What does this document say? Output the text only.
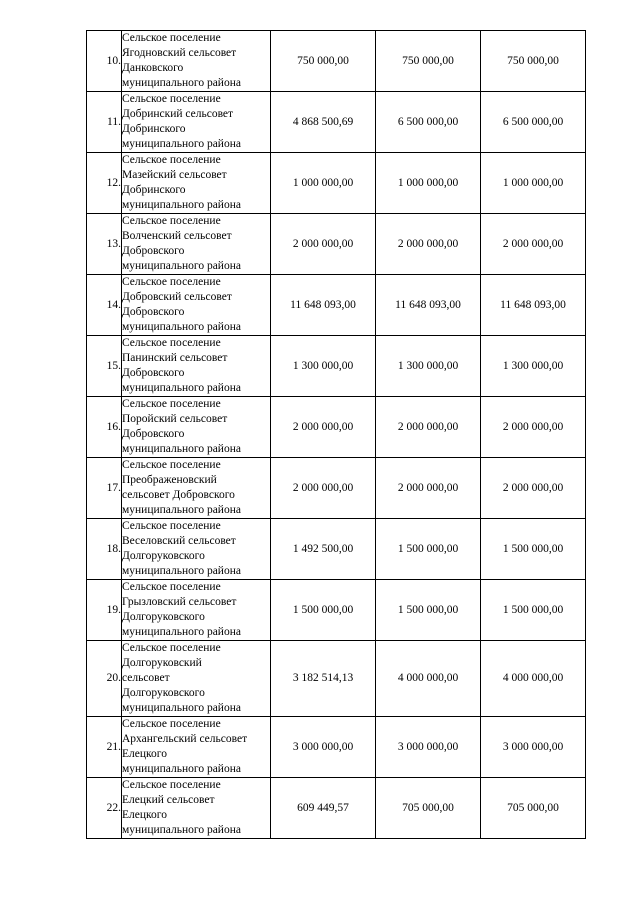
10.	Сельское поселение
Ягодновский сельсовет
Данковского
муниципального района	750 000,00	750 000,00	750 000,00
11.	Сельское поселение
Добринский сельсовет
Добринского
муниципального района	4 868 500,69	6 500 000,00	6 500 000,00
12.	Сельское поселение
Мазейский сельсовет
Добринского
муниципального района	1 000 000,00	1 000 000,00	1 000 000,00
13.	Сельское поселение
Волченский сельсовет
Добровского
муниципального района	2 000 000,00	2 000 000,00	2 000 000,00
14.	Сельское поселение
Добровский сельсовет
Добровского
муниципального района	11 648 093,00	11 648 093,00	11 648 093,00
15.	Сельское поселение
Панинский сельсовет
Добровского
муниципального района	1 300 000,00	1 300 000,00	1 300 000,00
16.	Сельское поселение
Поройский сельсовет
Добровского
муниципального района	2 000 000,00	2 000 000,00	2 000 000,00
17.	Сельское поселение
Преображеновский
сельсовет Добровского
муниципального района	2 000 000,00	2 000 000,00	2 000 000,00
18.	Сельское поселение
Веселовский сельсовет
Долгоруковского
муниципального района	1 492 500,00	1 500 000,00	1 500 000,00
19.	Сельское поселение
Грызловский сельсовет
Долгоруковского
муниципального района	1 500 000,00	1 500 000,00	1 500 000,00
20.	Сельское поселение
Долгоруковский
сельсовет
Долгоруковского
муниципального района	3 182 514,13	4 000 000,00	4 000 000,00
21.	Сельское поселение
Архангельский сельсовет
Елецкого
муниципального района	3 000 000,00	3 000 000,00	3 000 000,00
22.	Сельское поселение
Елецкий сельсовет
Елецкого
муниципального района	609 449,57	705 000,00	705 000,00
